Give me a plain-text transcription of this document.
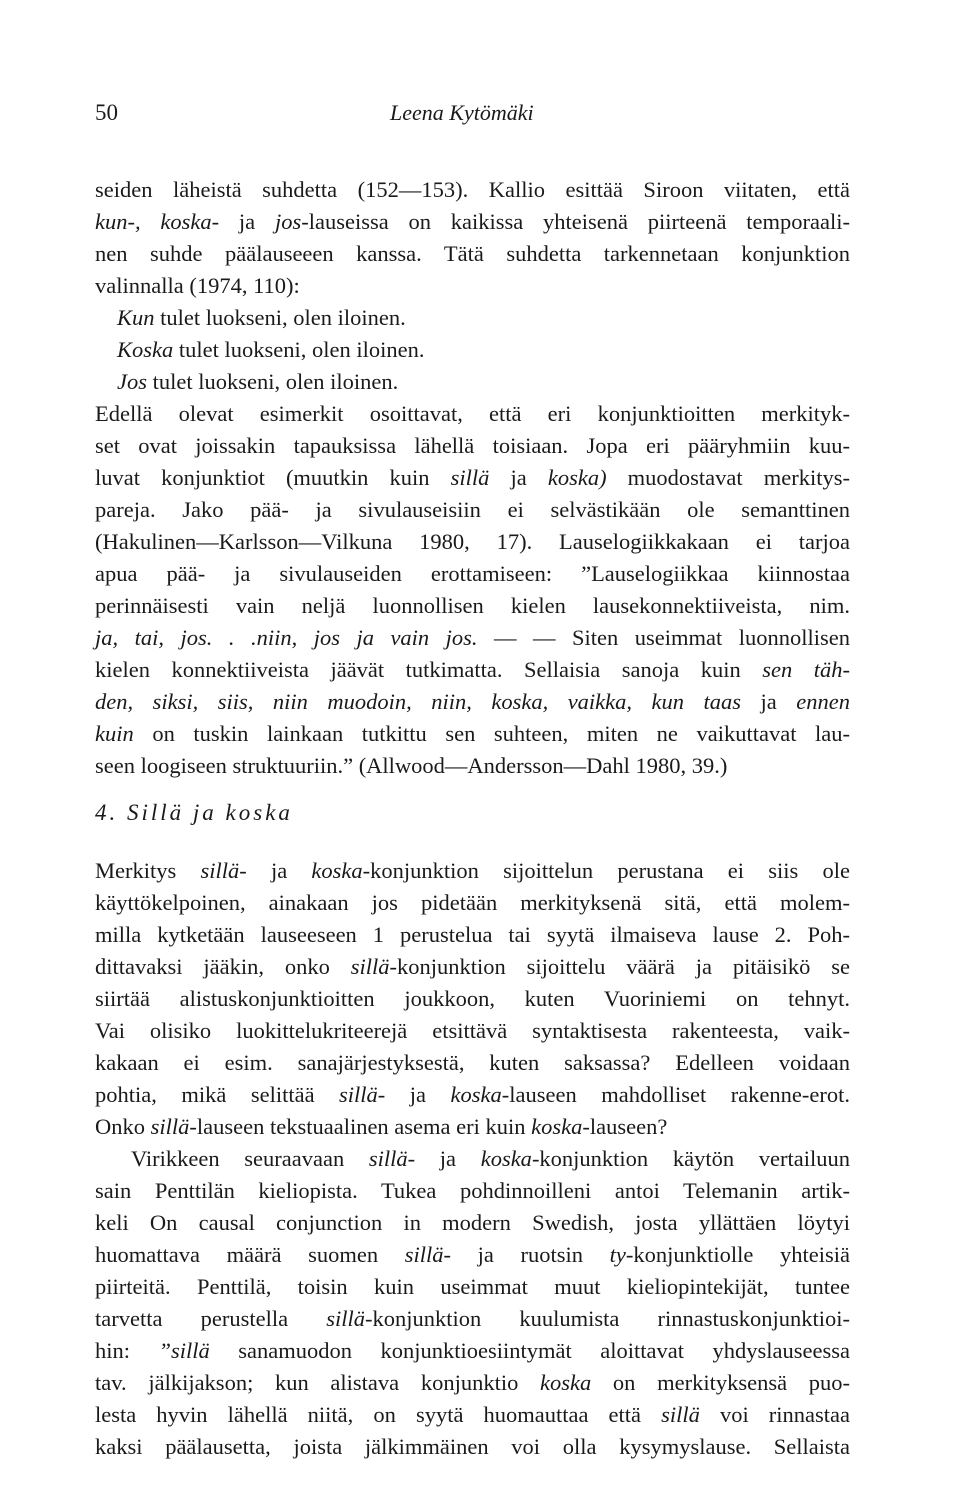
50	Leena Kytömäki
seiden läheistä suhdetta (152—153). Kallio esittää Siroon viitaten, että
kun-, koska- ja jos-lauseissa on kaikissa yhteisenä piirteenä temporaali-
nen suhde päälauseeen kanssa. Tätä suhdetta tarkennetaan konjunktion
valinnalla (1974, 110):
Kun tulet luokseni, olen iloinen.
Koska tulet luokseni, olen iloinen.
Jos tulet luokseni, olen iloinen.
Edellä olevat esimerkit osoittavat, että eri konjunktioitten merkityk-
set ovat joissakin tapauksissa lähellä toisiaan. Jopa eri pääryhmiin kuu-
luvat konjunktiot (muutkin kuin sillä ja koska) muodostavat merkitys-
pareja. Jako pää- ja sivulauseisiin ei selvästikään ole semanttinen
(Hakulinen—Karlsson—Vilkuna 1980, 17). Lauselogiikkakaan ei tarjoa
apua pää- ja sivulauseiden erottamiseen: ”Lauselogiikkaa kiinnostaa
perinnäisesti vain neljä luonnollisen kielen lausekonnektiiveista, nim.
ja, tai, jos. . .niin, jos ja vain jos. — — Siten useimmat luonnollisen
kielen konnektiiveista jäävät tutkimatta. Sellaisia sanoja kuin sen täh-
den, siksi, siis, niin muodoin, niin, koska, vaikka, kun taas ja ennen
kuin on tuskin lainkaan tutkittu sen suhteen, miten ne vaikuttavat lau-
seen loogiseen struktuuriin.” (Allwood—Andersson—Dahl 1980, 39.)
4. Sillä ja koska
Merkitys sillä- ja koska-konjunktion sijoittelun perustana ei siis ole
käyttökelpoinen, ainakaan jos pidetään merkityksenä sitä, että molem-
milla kytketään lauseeseen 1 perustelua tai syytä ilmaiseva lause 2. Poh-
dittavaksi jääkin, onko sillä-konjunktion sijoittelu väärä ja pitäisikö se
siirtää alistuskonjunktioitten joukkoon, kuten Vuoriniemi on tehnyt.
Vai olisiko luokittelukriteerejä etsittävä syntaktisesta rakenteesta, vaik-
kakaan ei esim. sanajärjestyksestä, kuten saksassa? Edelleen voidaan
pohtia, mikä selittää sillä- ja koska-lauseen mahdolliset rakenne-erot.
Onko sillä-lauseen tekstuaalinen asema eri kuin koska-lauseen?
Virikkeen seuraavaan sillä- ja koska-konjunktion käytön vertailuun
sain Penttilän kieliopista. Tukea pohdinnoilleni antoi Telemanin artik-
keli On causal conjunction in modern Swedish, josta yllättäen löytyi
huomattava määrä suomen sillä- ja ruotsin ty-konjunktiolle yhteisiä
piirteitä. Penttilä, toisin kuin useimmat muut kieliopintekijät, tuntee
tarvetta perustella sillä-konjunktion kuulumista rinnastuskonjunktioi-
hin: ”sillä sanamuodon konjunktioesiintymät aloittavat yhdyslauseessa
tav. jälkijakson; kun alistava konjunktio koska on merkityksensä puo-
lesta hyvin lähellä niitä, on syytä huomauttaa että sillä voi rinnastaa
kaksi päälausetta, joista jälkimmäinen voi olla kysymyslause. Sellaista
